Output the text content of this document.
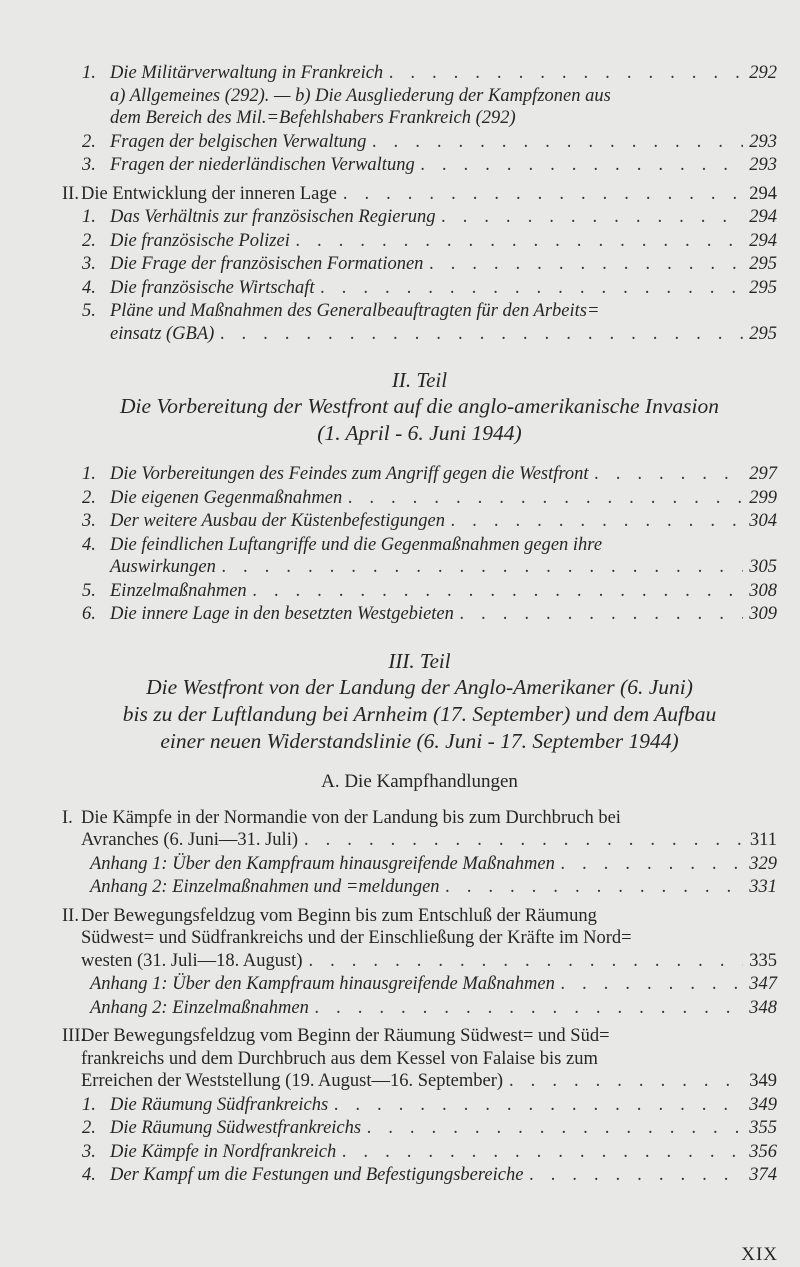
1. Die Militärverwaltung in Frankreich . . .	292
a) Allgemeines (292). — b) Die Ausgliederung der Kampfzonen aus
dem Bereich des Mil.=Befehlshabers Frankreich (292)
2. Fragen der belgischen Verwaltung . . .	293
3. Fragen der niederländischen Verwaltung . . .	293
II. Die Entwicklung der inneren Lage . . .	294
1. Das Verhältnis zur französischen Regierung . . .	294
2. Die französische Polizei . . .	294
3. Die Frage der französischen Formationen . . .	295
4. Die französische Wirtschaft . . .	295
5. Pläne und Maßnahmen des Generalbeauftragten für den Arbeits=
einsatz (GBA) . . .	295
II. Teil
Die Vorbereitung der Westfront auf die anglo-amerikanische Invasion
(1. April - 6. Juni 1944)
1. Die Vorbereitungen des Feindes zum Angriff gegen die Westfront . . .	297
2. Die eigenen Gegenmaßnahmen . . .	299
3. Der weitere Ausbau der Küstenbefestigungen . . .	304
4. Die feindlichen Luftangriffe und die Gegenmaßnahmen gegen ihre
Auswirkungen . . .	305
5. Einzelmaßnahmen . . .	308
6. Die innere Lage in den besetzten Westgebieten . . .	309
III. Teil
Die Westfront von der Landung der Anglo-Amerikaner (6. Juni)
bis zu der Luftlandung bei Arnheim (17. September) und dem Aufbau
einer neuen Widerstandslinie (6. Juni - 17. September 1944)
A. Die Kampfhandlungen
I. Die Kämpfe in der Normandie von der Landung bis zum Durchbruch bei
Avranches (6. Juni—31. Juli) . . .	311
Anhang 1: Über den Kampfraum hinausgreifende Maßnahmen . . .	329
Anhang 2: Einzelmaßnahmen und =meldungen . . .	331
II. Der Bewegungsfeldzug vom Beginn bis zum Entschluß der Räumung
Südwest= und Südfrankreichs und der Einschließung der Kräfte im Nord=
westen (31. Juli—18. August) . . .	335
Anhang 1: Über den Kampfraum hinausgreifende Maßnahmen . . .	347
Anhang 2: Einzelmaßnahmen . . .	348
III.
Der Bewegungsfeldzug vom Beginn der Räumung Südwest= und Süd=
frankreichs und dem Durchbruch aus dem Kessel von Falaise bis zum
Erreichen der Weststellung (19. August—16. September) . . .	349
1. Die Räumung Südfrankreichs . . .	349
2. Die Räumung Südwestfrankreichs . . .	355
3. Die Kämpfe in Nordfrankreich . . .	356
4. Der Kampf um die Festungen und Befestigungsbereiche . . .	374
XIX
